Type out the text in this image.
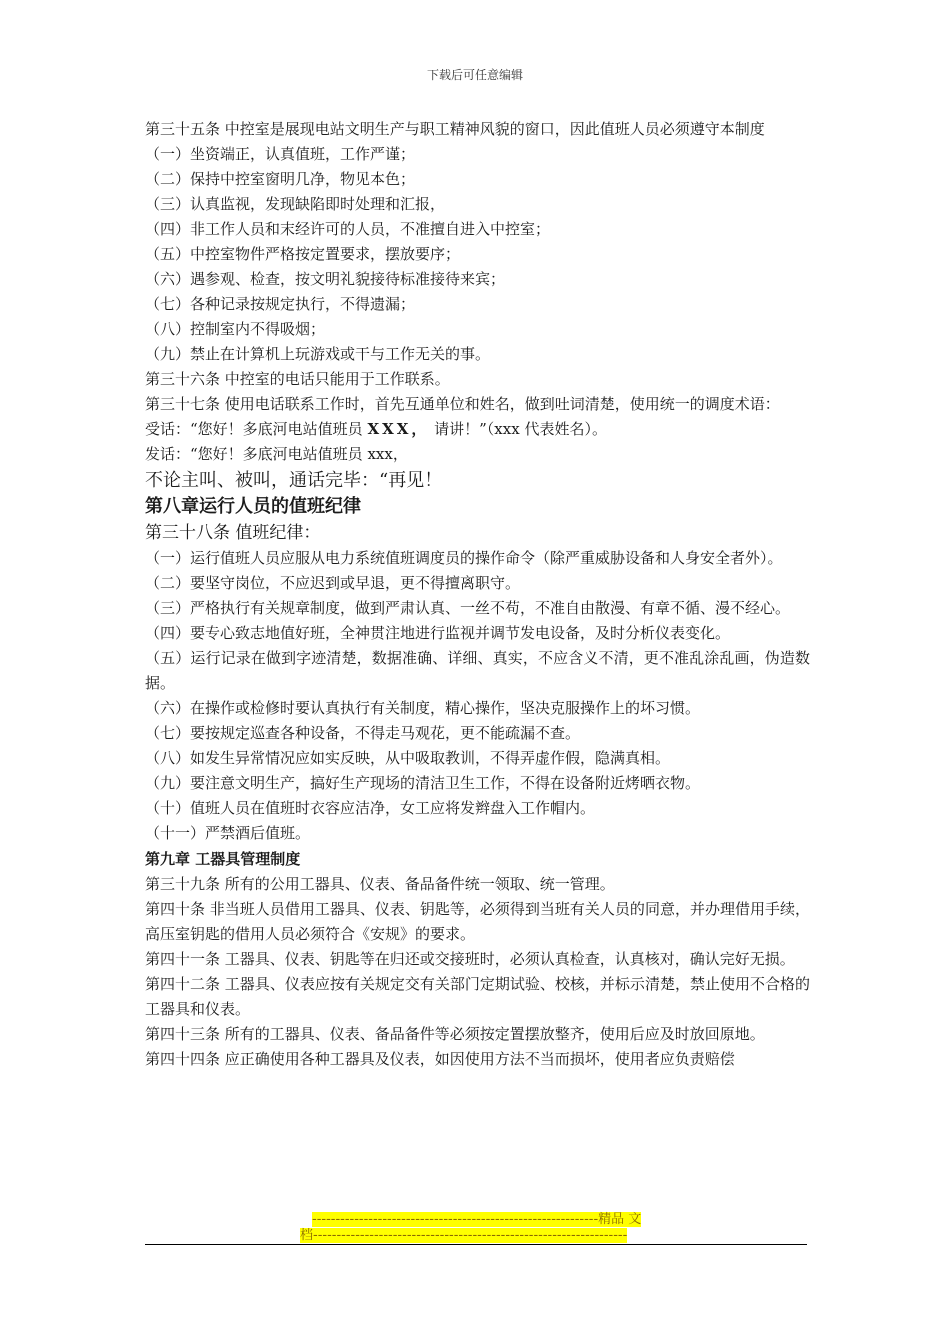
下载后可任意编辑

第三十五条 中控室是展现电站文明生产与职工精神风貌的窗口，因此值班人员必须遵守本制度

（一）坐资端正，认真值班，工作严谨；

（二）保持中控室窗明几净，物见本色；

（三）认真监视，发现缺陷即时处理和汇报，

（四）非工作人员和末经许可的人员，不准擅自进入中控室；

（五）中控室物件严格按定置要求，摆放要序；

（六）遇参观、检查，按文明礼貌接待标准接待来宾；

（七）各种记录按规定执行，不得遗漏；

（八）控制室内不得吸烟；

（九）禁止在计算机上玩游戏或干与工作无关的事。

第三十六条 中控室的电话只能用于工作联系。

第三十七条 使用电话联系工作时，首先互通单位和姓名，做到吐词清楚，使用统一的调度术语：

受话：“您好！多底河电站值班员 XXX， 请讲！”（xxx 代表姓名）。

发话：“您好！多底河电站值班员 xxx，

不论主叫、被叫，通话完毕：“再见！

第八章运行人员的值班纪律

第三十八条 值班纪律：

（一）运行值班人员应服从电力系统值班调度员的操作命令（除严重威胁设备和人身安全者外）。

（二）要坚守岗位，不应迟到或早退，更不得擅离职守。

（三）严格执行有关规章制度，做到严肃认真、一丝不苟，不准自由散漫、有章不循、漫不经心。

（四）要专心致志地值好班，全神贯注地进行监视并调节发电设备，及时分析仪表变化。

（五）运行记录在做到字迹清楚，数据准确、详细、真实，不应含义不清，更不准乱涂乱画，伪造数据。

（六）在操作或检修时要认真执行有关制度，精心操作，坚决克服操作上的坏习惯。

（七）要按规定巡查各种设备，不得走马观花，更不能疏漏不查。

（八）如发生异常情况应如实反映，从中吸取教训，不得弄虚作假，隐满真相。

（九）要注意文明生产，搞好生产现场的清洁卫生工作，不得在设备附近烤晒衣物。

（十）值班人员在值班时衣容应洁净，女工应将发辫盘入工作帽内。

（十一）严禁酒后值班。

第九章 工器具管理制度

第三十九条 所有的公用工器具、仪表、备品备件统一领取、统一管理。

第四十条 非当班人员借用工器具、仪表、钥匙等，必须得到当班有关人员的同意，并办理借用手续，高压室钥匙的借用人员必须符合《安规》的要求。

第四十一条 工器具、仪表、钥匙等在归还或交接班时，必须认真检查，认真核对，确认完好无损。

第四十二条 工器具、仪表应按有关规定交有关部门定期试验、校核，并标示清楚，禁止使用不合格的工器具和仪表。

第四十三条 所有的工器具、仪表、备品备件等必须按定置摆放整齐，使用后应及时放回原地。

第四十四条 应正确使用各种工器具及仪表，如因使用方法不当而损坏，使用者应负责赔偿

-------------------------------------------------------------精品 文
档-------------------------------------------------------------------
